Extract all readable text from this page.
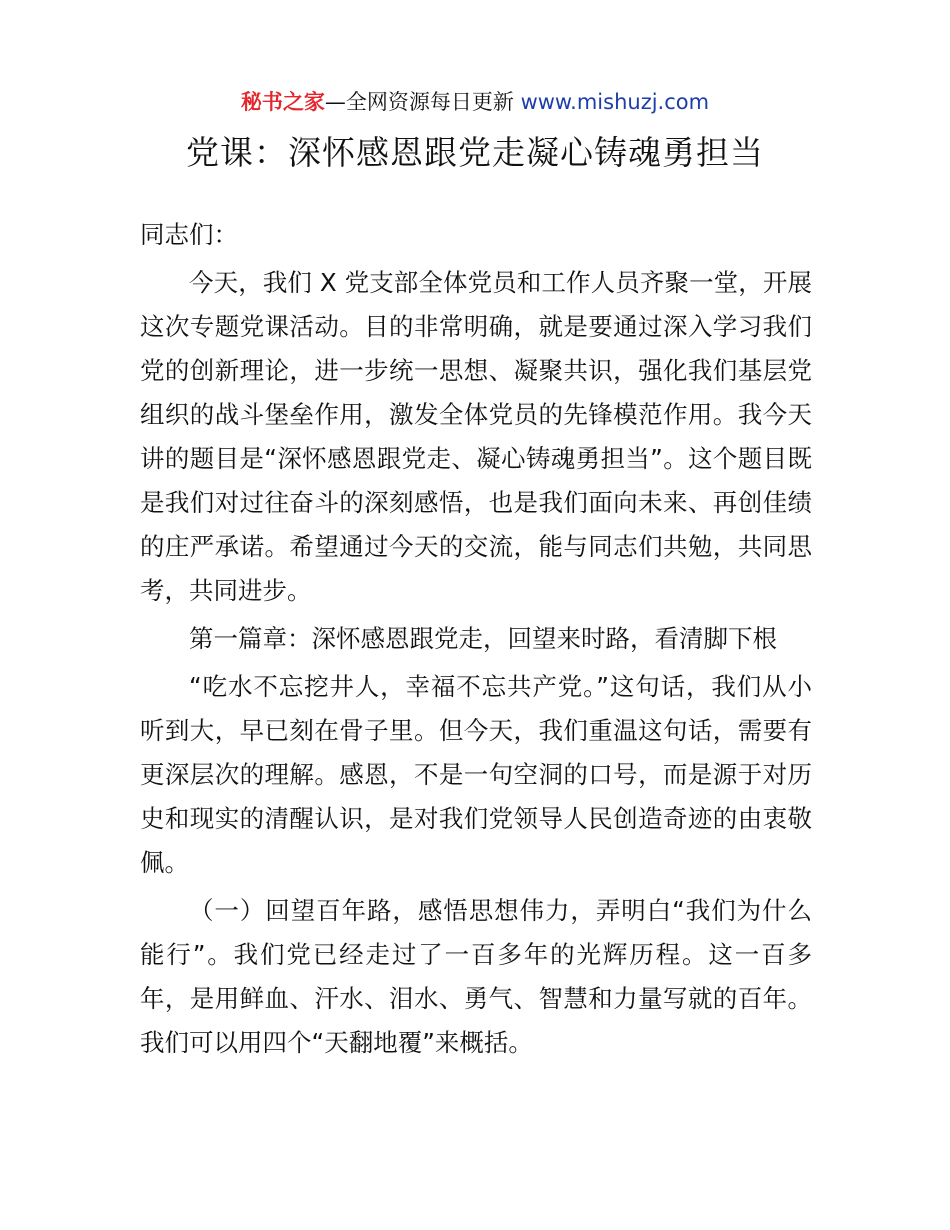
秘书之家—全网资源每日更新 www.mishuzj.com
党课：深怀感恩跟党走凝心铸魂勇担当

同志们：

今天，我们 X 党支部全体党员和工作人员齐聚一堂，开展这次专题党课活动。目的非常明确，就是要通过深入学习我们党的创新理论，进一步统一思想、凝聚共识，强化我们基层党组织的战斗堡垒作用，激发全体党员的先锋模范作用。我今天讲的题目是“深怀感恩跟党走、凝心铸魂勇担当”。这个题目既是我们对过往奋斗的深刻感悟，也是我们面向未来、再创佳绩的庄严承诺。希望通过今天的交流，能与同志们共勉，共同思考，共同进步。

第一篇章：深怀感恩跟党走，回望来时路，看清脚下根

“吃水不忘挖井人，幸福不忘共产党。”这句话，我们从小听到大，早已刻在骨子里。但今天，我们重温这句话，需要有更深层次的理解。感恩，不是一句空洞的口号，而是源于对历史和现实的清醒认识，是对我们党领导人民创造奇迹的由衷敬佩。

（一）回望百年路，感悟思想伟力，弄明白“我们为什么能行”。我们党已经走过了一百多年的光辉历程。这一百多年，是用鲜血、汗水、泪水、勇气、智慧和力量写就的百年。我们可以用四个“天翻地覆”来概括。
